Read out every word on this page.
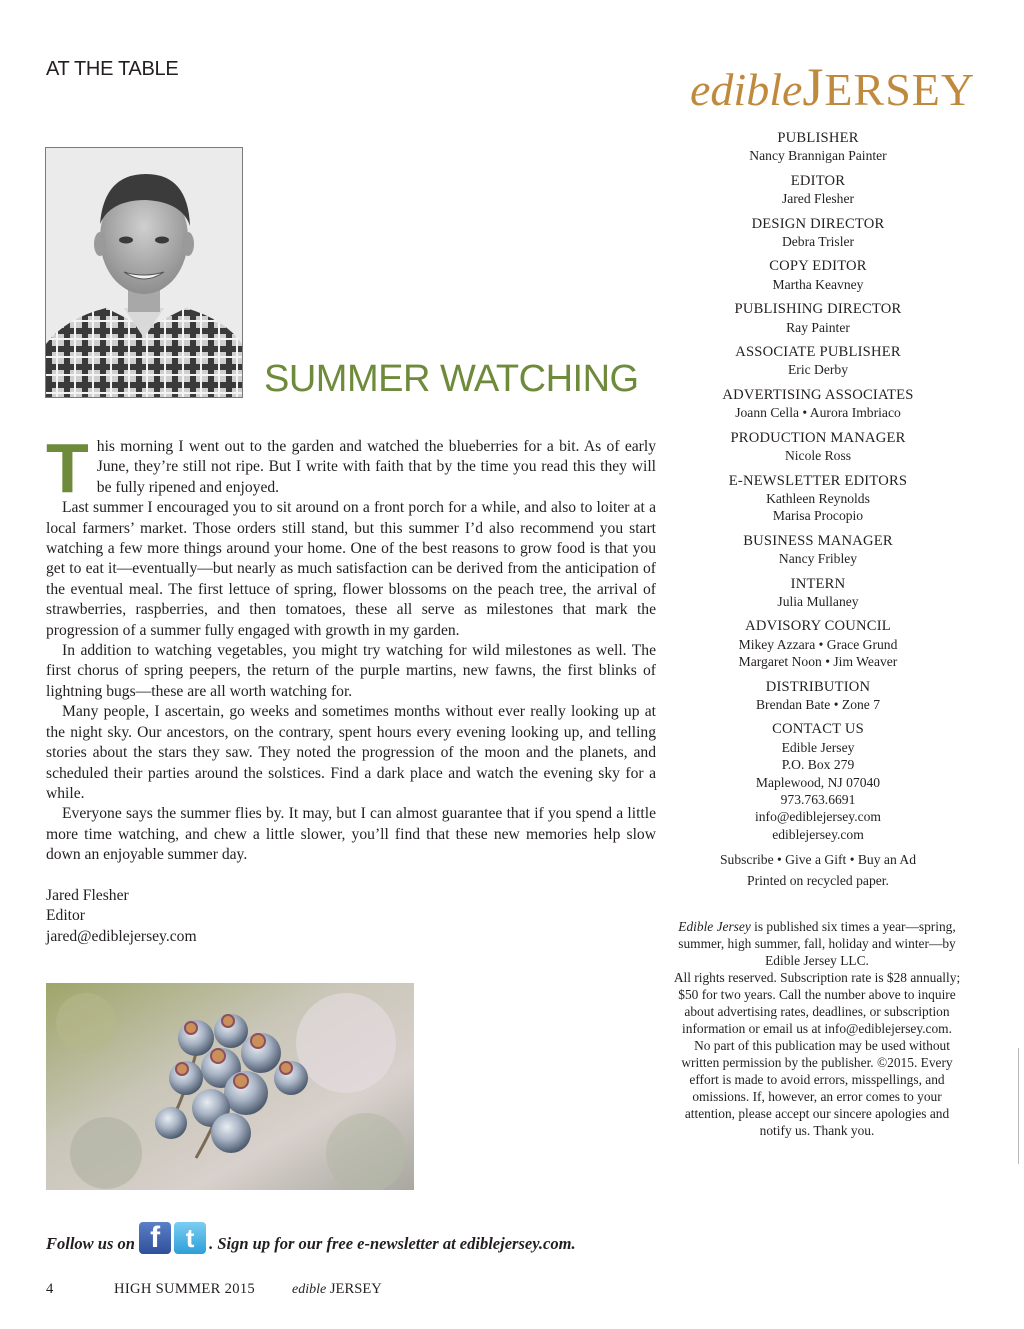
AT THE TABLE	edibleJERSEY
SUMMER WATCHING

This morning I went out to the garden and watched the blueberries for a bit. As of early June, they’re still not ripe. But I write with faith that by the time you read this they will be fully ripened and enjoyed.

Last summer I encouraged you to sit around on a front porch for a while, and also to loiter at a local farmers’ market. Those orders still stand, but this summer I’d also recommend you start watching a few more things around your home. One of the best reasons to grow food is that you get to eat it—eventually—but nearly as much satisfaction can be derived from the anticipation of the eventual meal. The first lettuce of spring, flower blossoms on the peach tree, the arrival of strawberries, raspberries, and then tomatoes, these all serve as milestones that mark the progression of a summer fully engaged with growth in my garden.

In addition to watching vegetables, you might try watching for wild milestones as well. The first chorus of spring peepers, the return of the purple martins, new fawns, the first blinks of lightning bugs—these are all worth watching for.

Many people, I ascertain, go weeks and sometimes months without ever really looking up at the night sky. Our ancestors, on the contrary, spent hours every evening looking up, and telling stories about the stars they saw. They noted the progression of the moon and the planets, and scheduled their parties around the solstices. Find a dark place and watch the evening sky for a while.

Everyone says the summer flies by. It may, but I can almost guarantee that if you spend a little more time watching, and chew a little slower, you’ll find that these new memories help slow down an enjoyable summer day.

Jared Flesher
Editor
jared@ediblejersey.com
PUBLISHER
Nancy Brannigan Painter
EDITOR
Jared Flesher
DESIGN DIRECTOR
Debra Trisler
COPY EDITOR
Martha Keavney
PUBLISHING DIRECTOR
Ray Painter
ASSOCIATE PUBLISHER
Eric Derby
ADVERTISING ASSOCIATES
Joann Cella • Aurora Imbriaco
PRODUCTION MANAGER
Nicole Ross
E-NEWSLETTER EDITORS
Kathleen Reynolds
Marisa Procopio
BUSINESS MANAGER
Nancy Fribley
INTERN
Julia Mullaney
ADVISORY COUNCIL
Mikey Azzara • Grace Grund
Margaret Noon • Jim Weaver
DISTRIBUTION
Brendan Bate • Zone 7
CONTACT US
Edible Jersey
P.O. Box 279
Maplewood, NJ 07040
973.763.6691
info@ediblejersey.com
ediblejersey.com
Subscribe • Give a Gift • Buy an Ad
Printed on recycled paper.
Edible Jersey is published six times a year—spring, summer, high summer, fall, holiday and winter—by Edible Jersey LLC.
All rights reserved. Subscription rate is $28 annually; $50 for two years. Call the number above to inquire about advertising rates, deadlines, or subscription information or email us at info@ediblejersey.com.
No part of this publication may be used without written permission by the publisher. ©2015. Every effort is made to avoid errors, misspellings, and omissions. If, however, an error comes to your attention, please accept our sincere apologies and notify us. Thank you.
Follow us on
f t . Sign up for our free e-newsletter at ediblejersey.com.
4	HIGH SUMMER 2015	edible JERSEY
